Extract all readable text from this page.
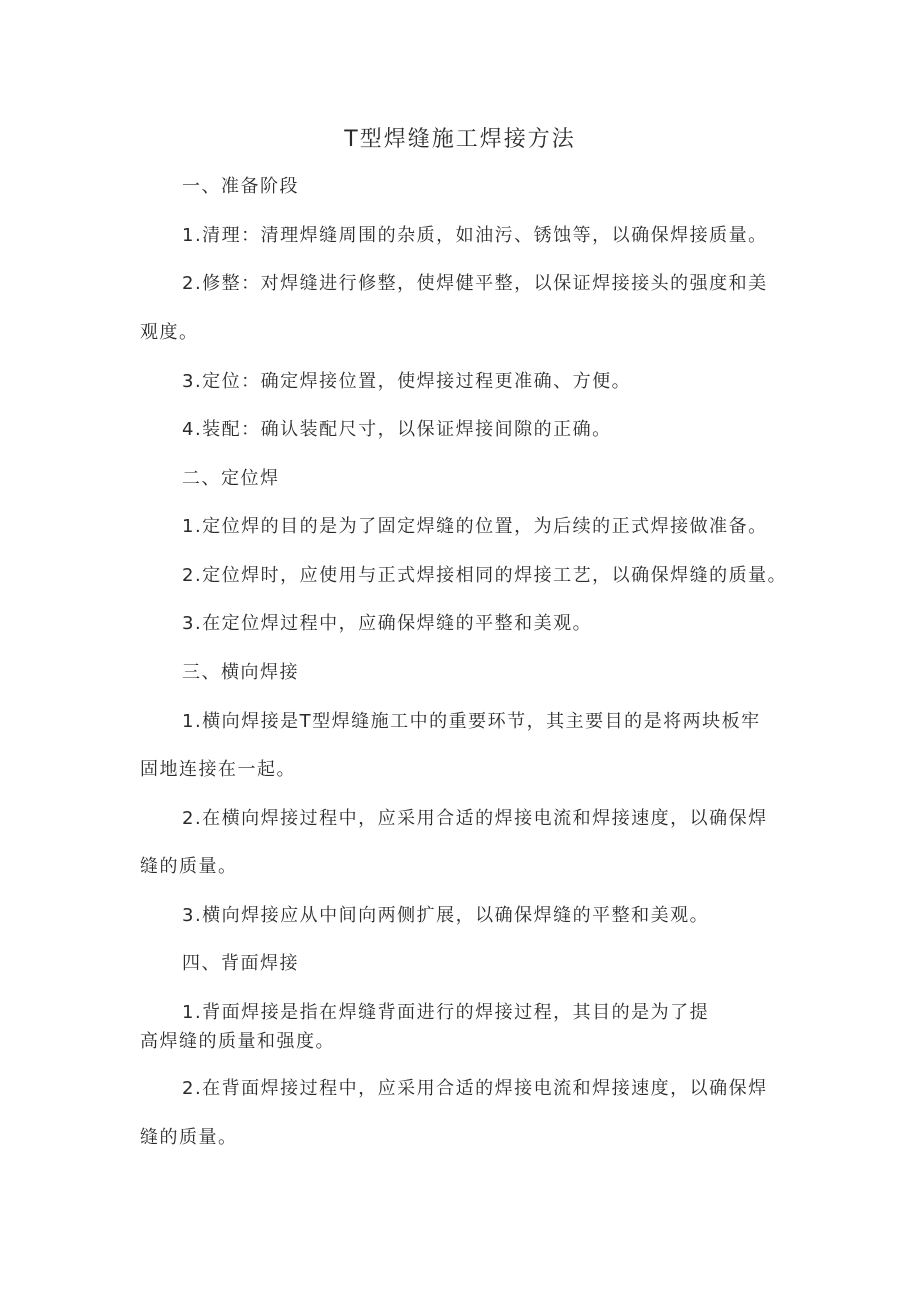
T型焊缝施工焊接方法
一、准备阶段
1.清理：清理焊缝周围的杂质，如油污、锈蚀等，以确保焊接质量。
2.修整：对焊缝进行修整，使焊健平整，以保证焊接接头的强度和美
观度。
3.定位：确定焊接位置，使焊接过程更准确、方便。
4.装配：确认装配尺寸，以保证焊接间隙的正确。
二、定位焊
1.定位焊的目的是为了固定焊缝的位置，为后续的正式焊接做准备。
2.定位焊时，应使用与正式焊接相同的焊接工艺，以确保焊缝的质量。
3.在定位焊过程中，应确保焊缝的平整和美观。
三、横向焊接
1.横向焊接是T型焊缝施工中的重要环节，其主要目的是将两块板牢
固地连接在一起。
2.在横向焊接过程中，应采用合适的焊接电流和焊接速度，以确保焊
缝的质量。
3.横向焊接应从中间向两侧扩展，以确保焊缝的平整和美观。
四、背面焊接
1.背面焊接是指在焊缝背面进行的焊接过程，其目的是为了提
高焊缝的质量和强度。
2.在背面焊接过程中，应采用合适的焊接电流和焊接速度，以确保焊
缝的质量。
